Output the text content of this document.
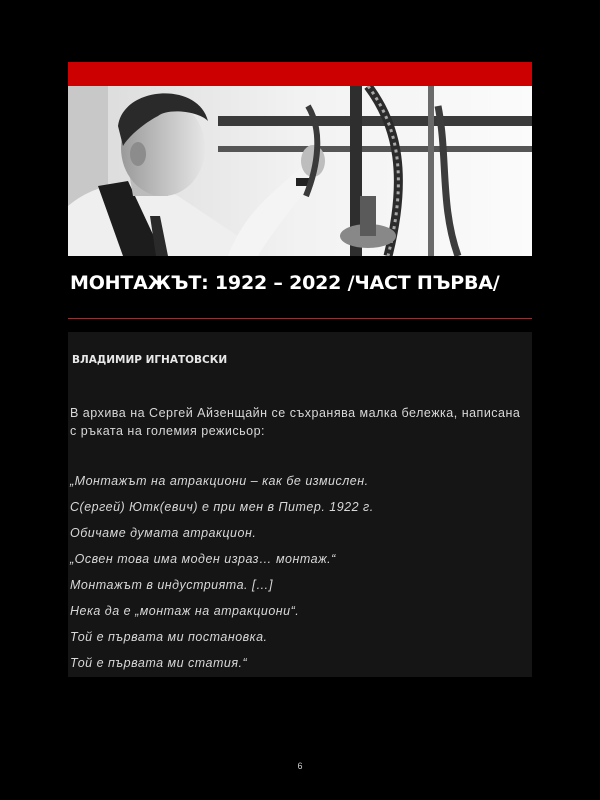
МОНТАЖЪТ: 1922 – 2022 /ЧАСТ ПЪРВА/

ВЛАДИМИР ИГНАТОВСКИ

В архива на Сергей Айзенщайн се съхранява малка бележка, написана с ръката на големия режисьор:

„Монтажът на атракциони – как бе измислен.

С(ергей) Ютк(евич) е при мен в Питер. 1922 г.

Обичаме думата атракцион.

„Освен това има моден израз… монтаж.“

Монтажът в индустрията. […]

Нека да е „монтаж на атракциони“.

Той е първата ми постановка.

Той е първата ми статия.“

6
